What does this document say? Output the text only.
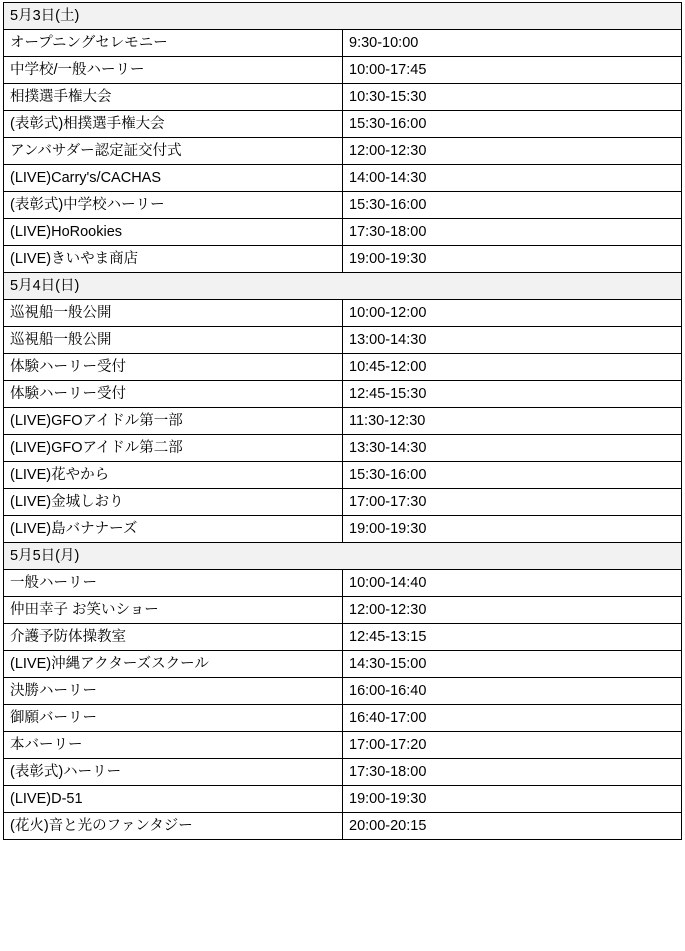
5月3日(土)	
オープニングセレモニー	9:30-10:00
中学校/一般ハーリー	10:00-17:45
相撲選手権大会	10:30-15:30
(表彰式)相撲選手権大会	15:30-16:00
アンバサダー認定証交付式	12:00-12:30
(LIVE)Carry's/CACHAS	14:00-14:30
(表彰式)中学校ハーリー	15:30-16:00
(LIVE)HoRookies	17:30-18:00
(LIVE)きいやま商店	19:00-19:30
5月4日(日)	
巡視船一般公開	10:00-12:00
巡視船一般公開	13:00-14:30
体験ハーリー受付	10:45-12:00
体験ハーリー受付	12:45-15:30
(LIVE)GFOアイドル第一部	11:30-12:30
(LIVE)GFOアイドル第二部	13:30-14:30
(LIVE)花やから	15:30-16:00
(LIVE)金城しおり	17:00-17:30
(LIVE)島バナナーズ	19:00-19:30
5月5日(月)	
一般ハーリー	10:00-14:40
仲田幸子 お笑いショー	12:00-12:30
介護予防体操教室	12:45-13:15
(LIVE)沖縄アクターズスクール	14:30-15:00
決勝ハーリー	16:00-16:40
御願バーリー	16:40-17:00
本バーリー	17:00-17:20
(表彰式)ハーリー	17:30-18:00
(LIVE)D-51	19:00-19:30
(花火)音と光のファンタジー	20:00-20:15
